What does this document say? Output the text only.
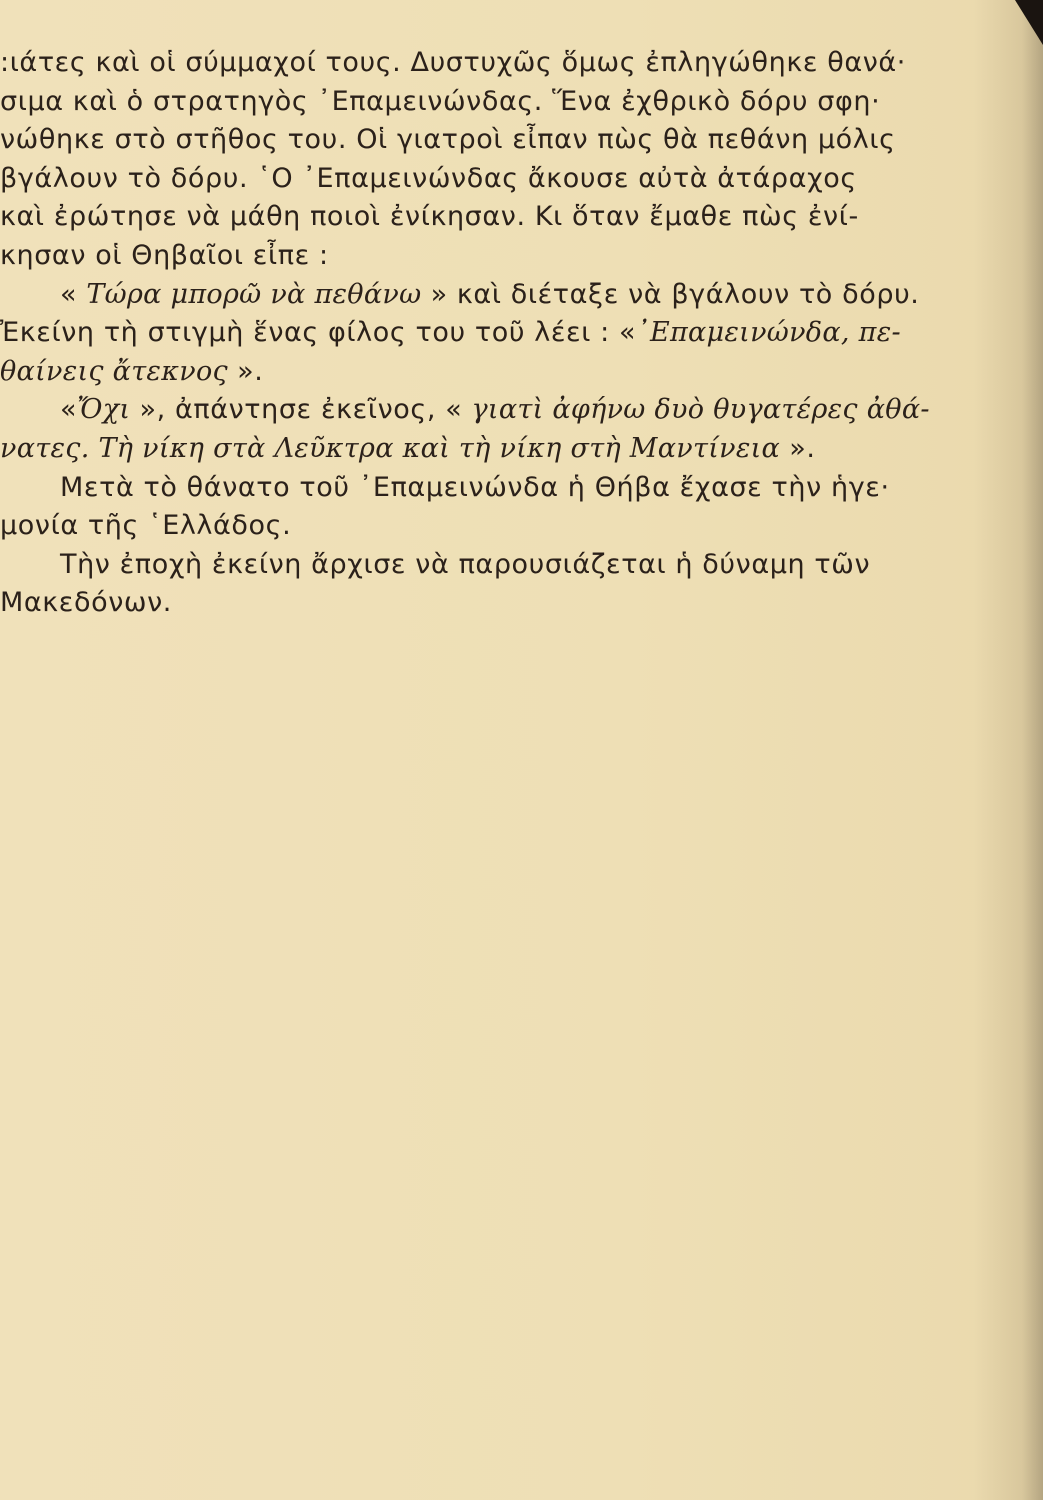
:ιάτες καὶ οἱ σύμμαχοί τους. Δυστυχῶς ὅμως ἐπληγώθηκε θανά·
σιμα καὶ ὁ στρατηγὸς ᾿Επαμεινώνδας. Ἕνα ἐχθρικὸ δόρυ σφη·
νώθηκε στὸ στῆθος του. Οἱ γιατροὶ εἶπαν πὼς θὰ πεθάνη μόλις
βγάλουν τὸ δόρυ. ῾Ο ᾿Επαμεινώνδας ἄκουσε αὐτὰ ἀτάραχος
καὶ ἐρώτησε νὰ μάθη ποιοὶ ἐνίκησαν. Κι ὅταν ἔμαθε πὼς ἐνί-
κησαν οἱ Θηβαῖοι εἶπε :
« Τώρα μπορῶ νὰ πεθάνω » καὶ διέταξε νὰ βγάλουν τὸ δόρυ.
Ἐκείνη τὴ στιγμὴ ἕνας φίλος του τοῦ λέει : «᾿Επαμεινώνδα, πε-
θαίνεις ἄτεκνος ».
«Ὄχι », ἀπάντησε ἐκεῖνος, « γιατὶ ἀφήνω δυὸ θυγατέρες ἀθά-
νατες. Τὴ νίκη στὰ Λεῦκτρα καὶ τὴ νίκη στὴ Μαντίνεια ».
Μετὰ τὸ θάνατο τοῦ ᾿Επαμεινώνδα ἡ Θήβα ἔχασε τὴν ἡγε·
μονία τῆς ῾Ελλάδος.
Τὴν ἐποχὴ ἐκείνη ἄρχισε νὰ παρουσιάζεται ἡ δύναμη τῶν
Μακεδόνων.
